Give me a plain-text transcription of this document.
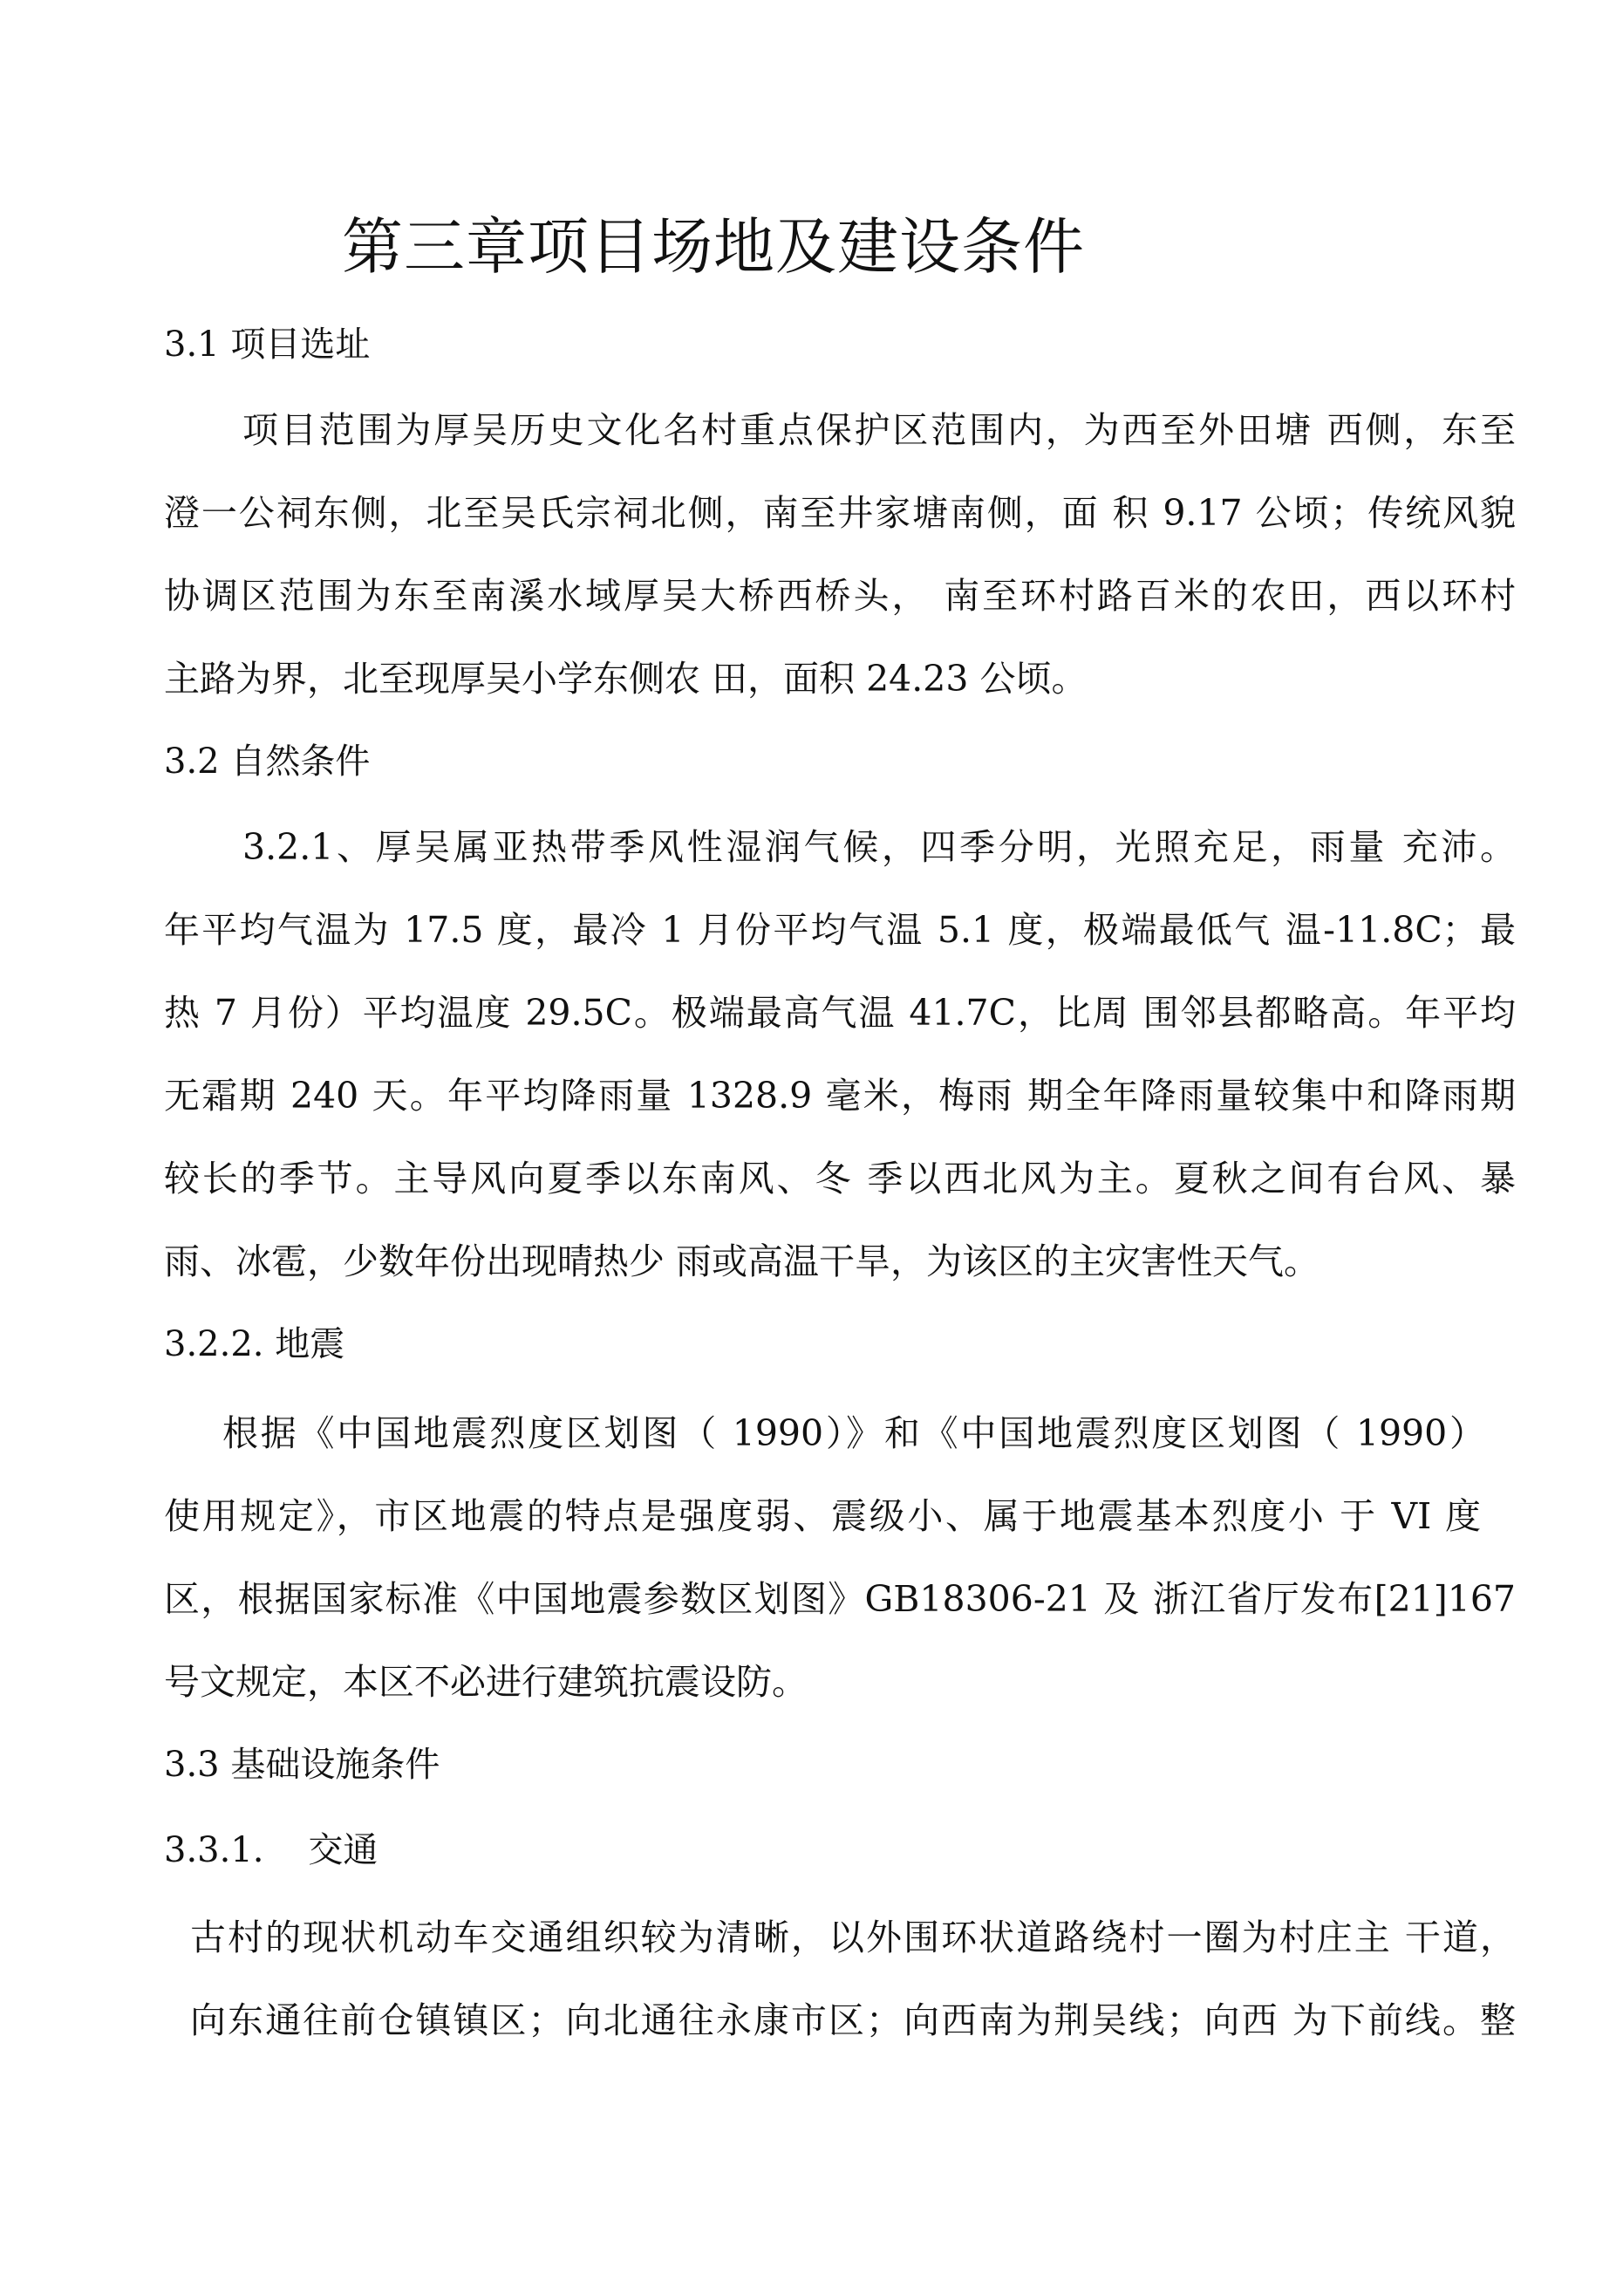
第三章项目场地及建设条件
3.1 项目选址
项目范围为厚吴历史文化名村重点保护区范围内，为西至外田塘 西侧，东至
澄一公祠东侧，北至吴氏宗祠北侧，南至井家塘南侧，面 积 9.17 公顷；传统风貌
协调区范围为东至南溪水域厚吴大桥西桥头， 南至环村路百米的农田，西以环村
主路为界，北至现厚吴小学东侧农 田，面积 24.23 公顷。
3.2 自然条件
3.2.1、厚吴属亚热带季风性湿润气候，四季分明，光照充足，雨量 充沛。
年平均气温为 17.5 度，最冷 1 月份平均气温 5.1 度，极端最低气 温-11.8C；最
热 7 月份）平均温度 29.5C。极端最高气温 41.7C，比周 围邻县都略高。年平均
无霜期 240 天。年平均降雨量 1328.9 毫米，梅雨 期全年降雨量较集中和降雨期
较长的季节。主导风向夏季以东南风、冬 季以西北风为主。夏秋之间有台风、暴
雨、冰雹，少数年份出现晴热少 雨或高温干旱，为该区的主灾害性天气。
3.2.2. 地震
根据《中国地震烈度区划图（ 1990）》和《中国地震烈度区划图（ 1990）
使用规定》，市区地震的特点是强度弱、震级小、属于地震基本烈度小 于 VI 度
区，根据国家标准《中国地震参数区划图》GB18306-21 及 浙江省厅发布[21]167
号文规定，本区不必进行建筑抗震设防。
3.3 基础设施条件
3.3.1.    交通
古村的现状机动车交通组织较为清晰，以外围环状道路绕村一圈为村庄主 干道，
向东通往前仓镇镇区；向北通往永康市区；向西南为荆吴线；向西 为下前线。整
